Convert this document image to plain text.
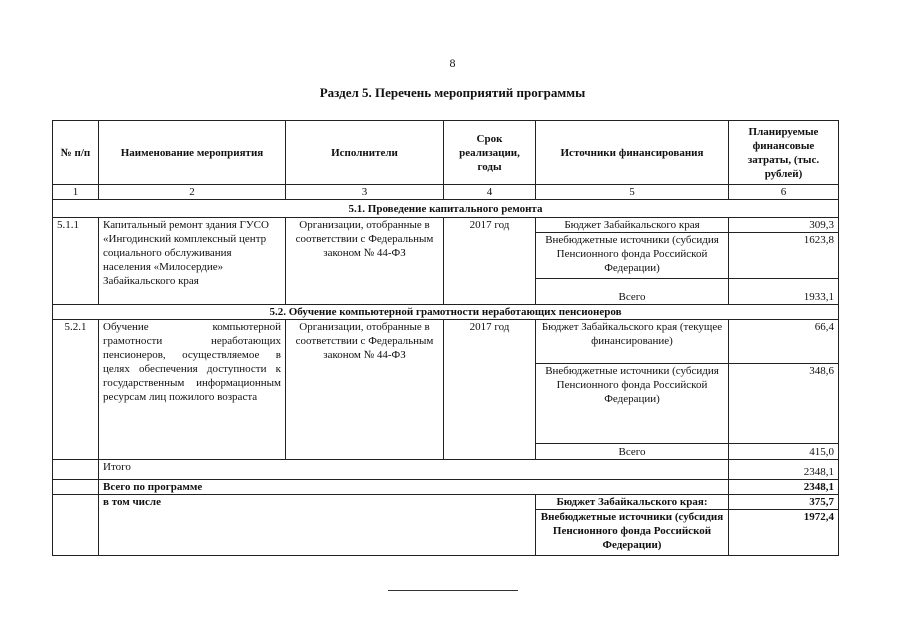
8
Раздел 5. Перечень мероприятий программы
№ п/п	Наименование мероприятия	Исполнители	Срок реализации, годы	Источники финансирования	Планируемые финансовые затраты, (тыс. рублей)
1	2	3	4	5	6
5.1. Проведение капитального ремонта					
5.1.1	Капитальный ремонт здания ГУСО «Ингодинский комплексный центр социального обслуживания населения «Милосердие» Забайкальского края	Организации, отобранные в соответствии с Федеральным законом № 44-ФЗ	2017 год	Бюджет Забайкальского края	309,3
				Внебюджетные источники (субсидия Пенсионного фонда Российской Федерации)	1623,8
				Всего	1933,1
5.2. Обучение компьютерной грамотности неработающих пенсионеров					
5.2.1	Обучение компьютерной грамотности неработающих пенсионеров, осуществляемое в целях обеспечения доступности к государственным информационным ресурсам лиц пожилого возраста	Организации, отобранные в соответствии с Федеральным законом № 44-ФЗ	2017 год	Бюджет Забайкальского края (текущее финансирование)	66,4
				Внебюджетные источники (субсидия Пенсионного фонда Российской Федерации)	348,6
				Всего	415,0
	Итого				2348,1
	Всего по программе				2348,1
	в том числе			Бюджет Забайкальского края:	375,7
				Внебюджетные источники (субсидия Пенсионного фонда Российской Федерации)	1972,4
